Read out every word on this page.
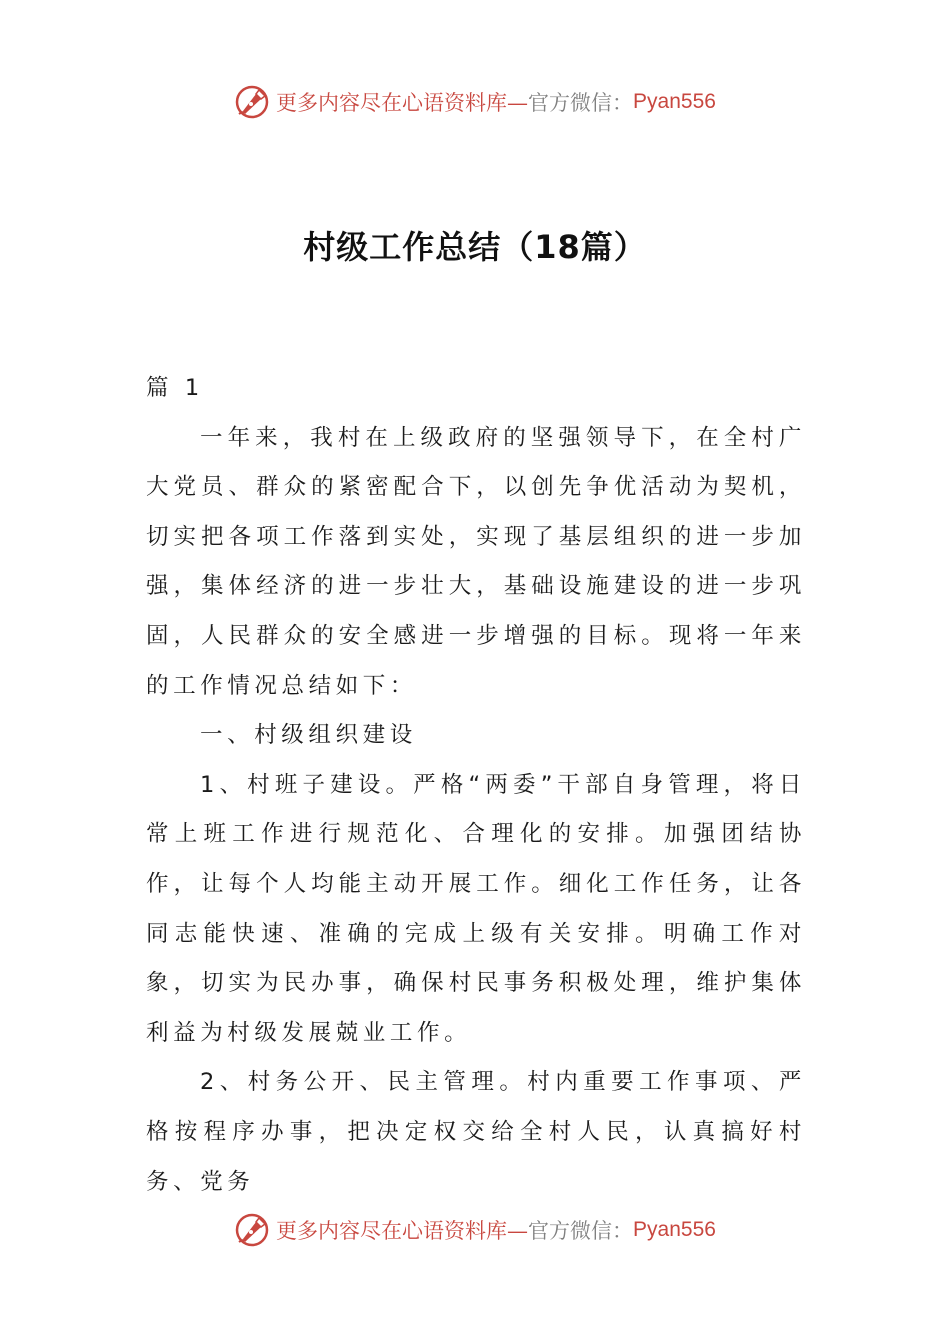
更多内容尽在心语资料库— 官方微信： Pyan556
村级工作总结（18篇）

篇 1

一年来，我村在上级政府的坚强领导下，在全村广大党员、群众的紧密配合下，以创先争优活动为契机，切实把各项工作落到实处，实现了基层组织的进一步加强，集体经济的进一步壮大，基础设施建设的进一步巩固，人民群众的安全感进一步增强的目标。现将一年来的工作情况总结如下：

一、村级组织建设

1、村班子建设。严格“两委”干部自身管理，将日常上班工作进行规范化、合理化的安排。加强团结协作，让每个人均能主动开展工作。细化工作任务，让各同志能快速、准确的完成上级有关安排。明确工作对象，切实为民办事，确保村民事务积极处理，维护集体利益为村级发展兢业工作。

2、村务公开、民主管理。村内重要工作事项、严格按程序办事，把决定权交给全村人民，认真搞好村务、党务

更多内容尽在心语资料库— 官方微信： Pyan556
